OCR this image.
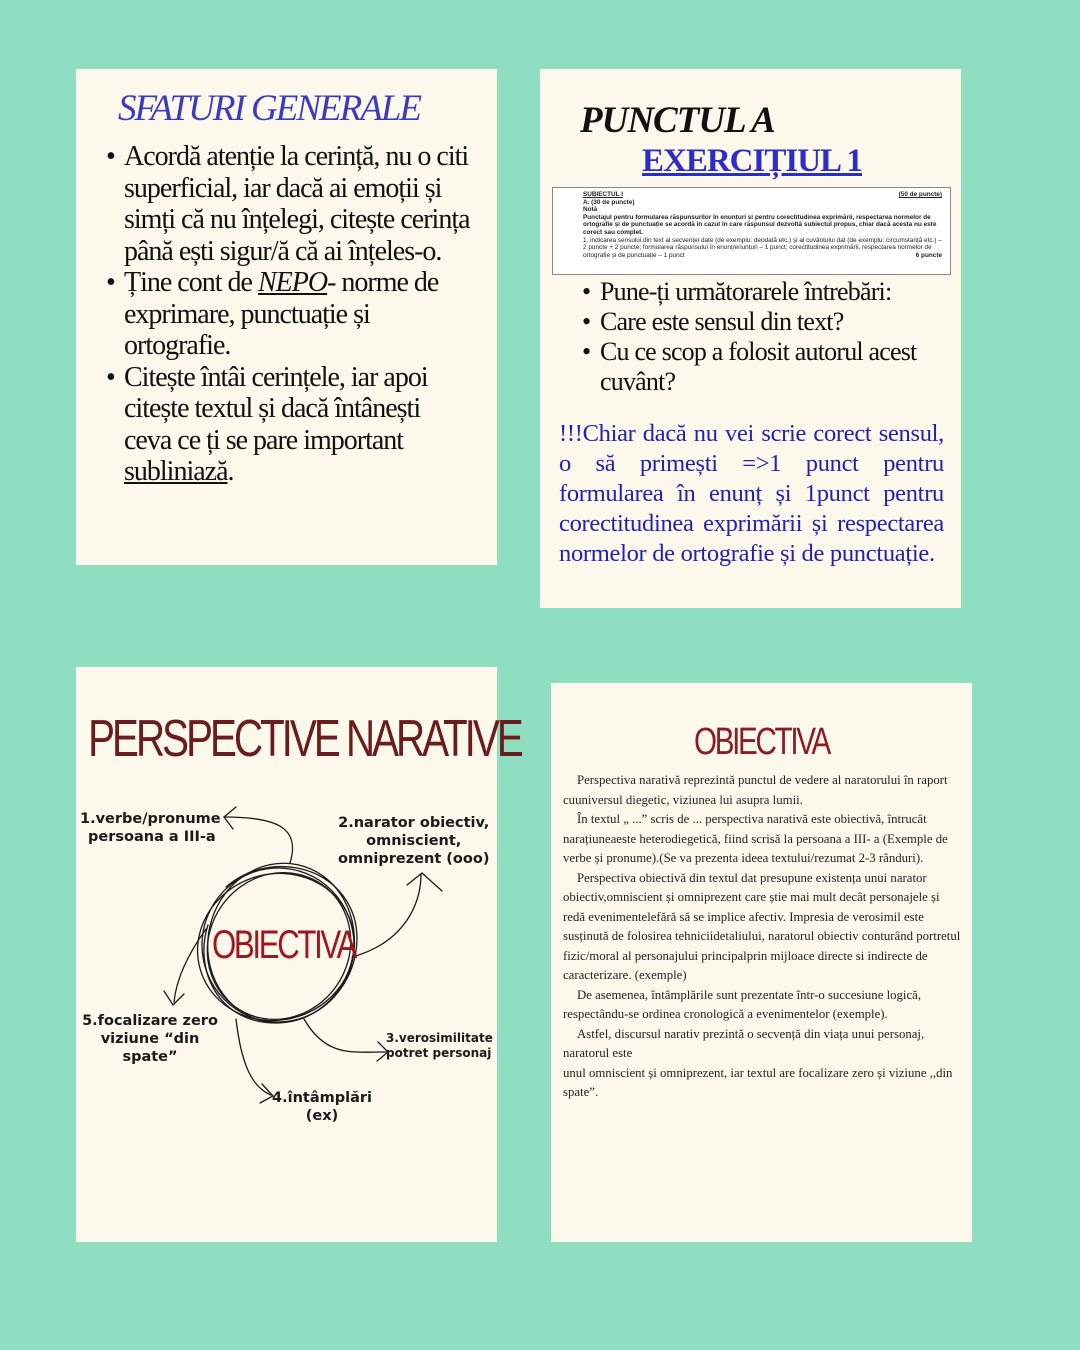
SFATURI GENERALE
• Acordă atenție la cerință, nu o citi superficial, iar dacă ai emoții și simți că nu înțelegi, citește cerința până ești sigur/ă că ai înțeles-o.
• Ține cont de NEPO- norme de exprimare, punctuație și ortografie.
• Citește întâi cerințele, iar apoi citește textul și dacă întânești ceva ce ți se pare important subliniază.
PUNCTUL A
EXERCIȚIUL 1
SUBIECTUL I	(50 de puncte)
A. (30 de puncte)
Notă
Punctajul pentru formularea răspunsurilor în enunțuri și pentru corectitudinea exprimării, respectarea normelor de ortografie și de punctuație se acordă în cazul în care răspunsul dezvoltă subiectul propus, chiar dacă acesta nu este corect sau complet.
1. indicarea sensului din text al secvenței date (de exemplu: deodată etc.) și al cuvântului dat (de exemplu: circumstanță etc.) – 2 puncte + 2 puncte; formularea răspunsului în enunț/enunțuri – 1 punct; corectitudinea exprimării, respectarea normelor de ortografie și de punctuație – 1 punct	6 puncte
• Pune-ți următorarele întrebări:
• Care este sensul din text?
• Cu ce scop a folosit autorul acest cuvânt?
!!!Chiar dacă nu vei scrie corect sensul, o să primești =>1 punct pentru formularea în enunț și 1punct pentru corectitudinea exprimării și respectarea normelor de ortografie și de punctuație.
PERSPECTIVE NARATIVE
OBIECTIVA
1.verbe/pronume
persoana a III-a
2.narator obiectiv,
omniscient,
omniprezent (ooo)
5.focalizare zero
viziune “din
spate”
3.verosimilitate
potret personaj
4.întâmplări
(ex)
OBIECTIVA

Perspectiva narativă reprezintă punctul de vedere al naratorului în raport cuuniversul diegetic, viziunea lui asupra lumii.

În textul „ ...” scris de ... perspectiva narativă este obiectivă, întrucât narațiuneaeste heterodiegetică, fiind scrisă la persoana a III- a (Exemple de verbe și pronume).(Se va prezenta ideea textului/rezumat 2-3 rânduri).

Perspectiva obiectivă din textul dat presupune existența unui narator obiectiv,omniscient și omniprezent care știe mai mult decât personajele și redă evenimentelefără să se implice afectiv. Impresia de verosimil este susținută de folosirea tehniciidetaliului, naratorul obiectiv conturând portretul fizic/moral al personajului principalprin mijloace directe si indirecte de caracterizare. (exemple)

De asemenea, întâmplările sunt prezentate într-o succesiune logică, respectându-se ordinea cronologică a evenimentelor (exemple).

Astfel, discursul narativ prezintă o secvență din viața unui personaj, naratorul este

unul omniscient și omniprezent, iar textul are focalizare zero și viziune ,,din spate”.
